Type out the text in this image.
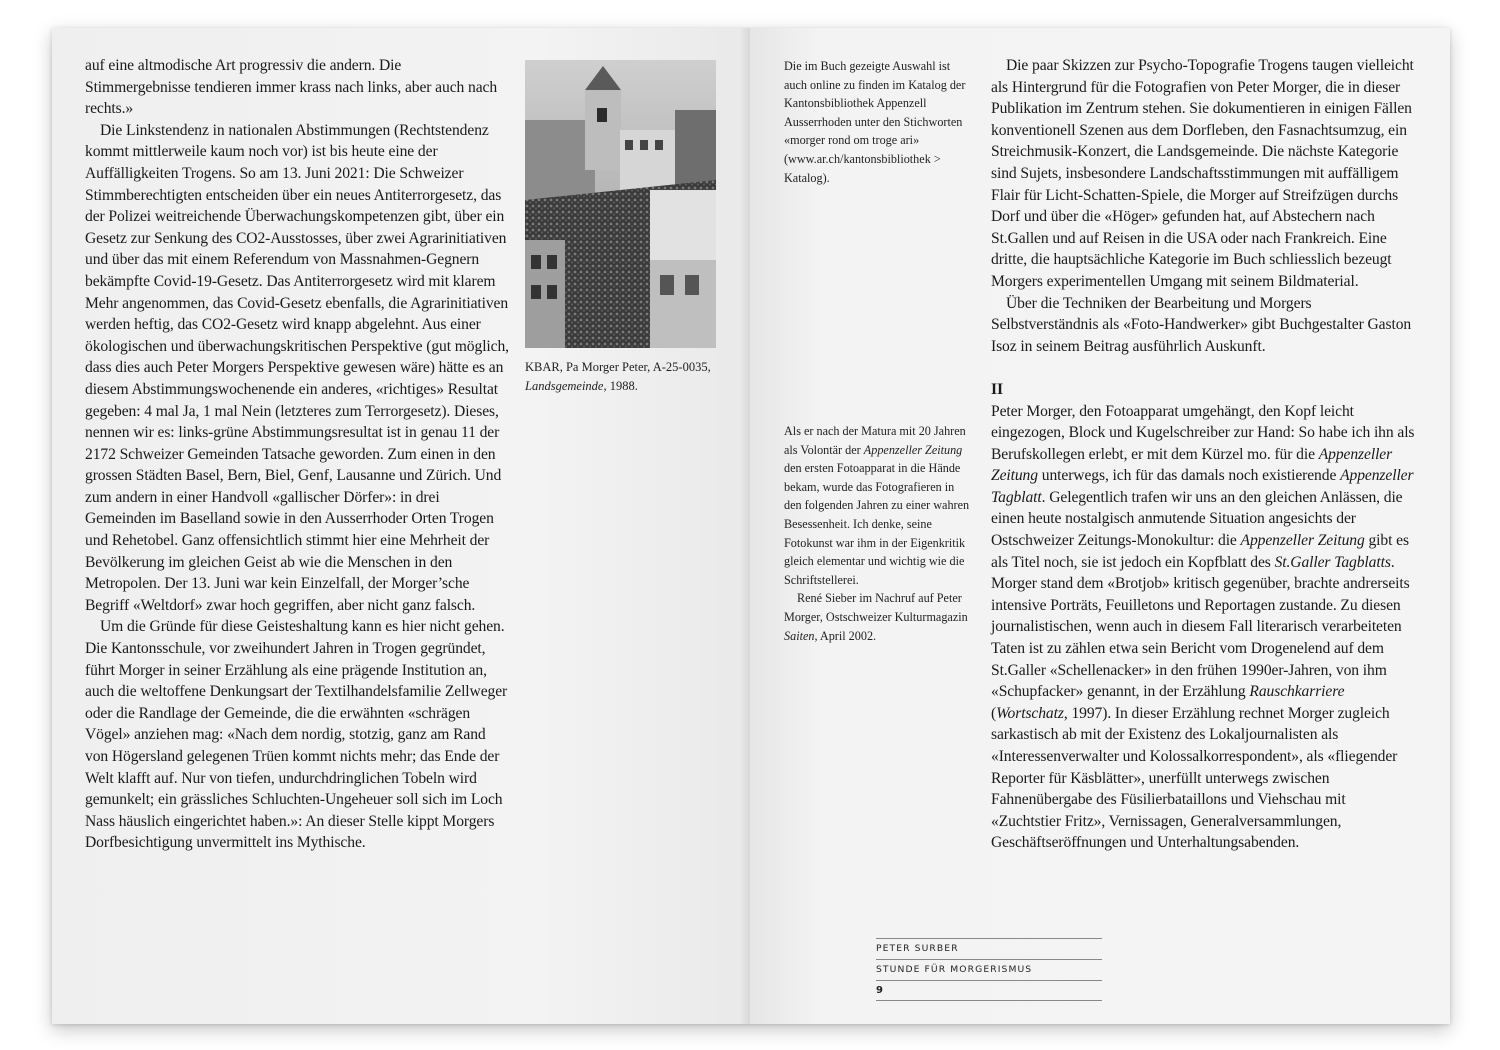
auf eine altmodische Art progressiv die andern. Die Stimmergebnisse tendieren immer krass nach links, aber auch nach rechts.»

Die Linkstendenz in nationalen Abstimmungen (Rechtstendenz kommt mittlerweile kaum noch vor) ist bis heute eine der Auffälligkeiten Trogens. So am 13. Juni 2021: Die Schweizer Stimmberechtigten entscheiden über ein neues Antiterrorgesetz, das der Polizei weitreichende Überwachungskompetenzen gibt, über ein Gesetz zur Senkung des CO2-Ausstosses, über zwei Agrarinitiativen und über das mit einem Referendum von Massnahmen-Gegnern bekämpfte Covid-19-Gesetz. Das Antiterrorgesetz wird mit klarem Mehr angenommen, das Covid-Gesetz ebenfalls, die Agrarinitiativen werden heftig, das CO2-Gesetz wird knapp abgelehnt. Aus einer ökologischen und überwachungskritischen Perspektive (gut möglich, dass dies auch Peter Morgers Perspektive gewesen wäre) hätte es an diesem Abstimmungswochenende ein anderes, «richtiges» Resultat gegeben: 4 mal Ja, 1 mal Nein (letzteres zum Terrorgesetz). Dieses, nennen wir es: links-grüne Abstimmungsresultat ist in genau 11 der 2172 Schweizer Gemeinden Tatsache geworden. Zum einen in den grossen Städten Basel, Bern, Biel, Genf, Lausanne und Zürich. Und zum andern in einer Handvoll «gallischer Dörfer»: in drei Gemeinden im Baselland sowie in den Ausserrhoder Orten Trogen und Rehetobel. Ganz offensichtlich stimmt hier eine Mehrheit der Bevölkerung im gleichen Geist ab wie die Menschen in den Metropolen. Der 13. Juni war kein Einzelfall, der Morger’sche Begriff «Weltdorf» zwar hoch gegriffen, aber nicht ganz falsch.

Um die Gründe für diese Geisteshaltung kann es hier nicht gehen. Die Kantonsschule, vor zweihundert Jahren in Trogen gegründet, führt Morger in seiner Erzählung als eine prägende Institution an, auch die weltoffene Denkungsart der Textilhandelsfamilie Zellweger oder die Randlage der Gemeinde, die die erwähnten «schrägen Vögel» anziehen mag: «Nach dem nordig, stotzig, ganz am Rand von Högersland gelegenen Trüen kommt nichts mehr; das Ende der Welt klafft auf. Nur von tiefen, undurchdringlichen Tobeln wird gemunkelt; ein grässliches Schluchten-Ungeheuer soll sich im Loch Nass häuslich eingerichtet haben.»: An dieser Stelle kippt Morgers Dorfbesichtigung unvermittelt ins Mythische.

KBAR, Pa Morger Peter, A-25-0035,
Landsgemeinde, 1988.

Die im Buch gezeigte Auswahl ist auch online zu finden im Katalog der Kantonsbibliothek Appenzell Ausserrhoden unter den Stichworten «morger rond om troge ari» (www.ar.ch/kantonsbibliothek > Katalog).

Als er nach der Matura mit 20 Jahren als Volontär der Appenzeller Zeitung den ersten Fotoapparat in die Hände bekam, wurde das Fotografieren in den folgenden Jahren zu einer wahren Besessenheit. Ich denke, seine Fotokunst war ihm in der Eigenkritik gleich elementar und wichtig wie die Schriftstellerei.

René Sieber im Nachruf auf Peter Morger, Ostschweizer Kulturmagazin Saiten, April 2002.

Die paar Skizzen zur Psycho-Topografie Trogens taugen vielleicht als Hintergrund für die Fotografien von Peter Morger, die in dieser Publikation im Zentrum stehen. Sie dokumentieren in einigen Fällen konventionell Szenen aus dem Dorfleben, den Fasnachtsumzug, ein Streichmusik-Konzert, die Landsgemeinde. Die nächste Kategorie sind Sujets, insbesondere Landschaftsstimmungen mit auffälligem Flair für Licht-Schatten-Spiele, die Morger auf Streifzügen durchs Dorf und über die «Höger» gefunden hat, auf Abstechern nach St.Gallen und auf Reisen in die USA oder nach Frankreich. Eine dritte, die hauptsächliche Kategorie im Buch schliesslich bezeugt Morgers experimentellen Umgang mit seinem Bildmaterial.

Über die Techniken der Bearbeitung und Morgers Selbstverständnis als «Foto-Handwerker» gibt Buchgestalter Gaston Isoz in seinem Beitrag ausführlich Auskunft.

II

Peter Morger, den Fotoapparat umgehängt, den Kopf leicht eingezogen, Block und Kugelschreiber zur Hand: So habe ich ihn als Berufskollegen erlebt, er mit dem Kürzel mo. für die Appenzeller Zeitung unterwegs, ich für das damals noch existierende Appenzeller Tagblatt. Gelegentlich trafen wir uns an den gleichen Anlässen, die einen heute nostalgisch anmutende Situation angesichts der Ostschweizer Zeitungs-Monokultur: die Appenzeller Zeitung gibt es als Titel noch, sie ist jedoch ein Kopfblatt des St.Galler Tagblatts. Morger stand dem «Brotjob» kritisch gegenüber, brachte andrerseits intensive Porträts, Feuilletons und Reportagen zustande. Zu diesen journalistischen, wenn auch in diesem Fall literarisch verarbeiteten Taten ist zu zählen etwa sein Bericht vom Drogenelend auf dem St.Galler «Schellenacker» in den frühen 1990er-Jahren, von ihm «Schupfacker» genannt, in der Erzählung Rauschkarriere (Wortschatz, 1997). In dieser Erzählung rechnet Morger zugleich sarkastisch ab mit der Existenz des Lokaljournalisten als «Interessenverwalter und Kolossalkorrespondent», als «fliegender Reporter für Käsblätter», unerfüllt unterwegs zwischen Fahnenübergabe des Füsilierbataillons und Viehschau mit «Zuchtstier Fritz», Vernissagen, Generalversammlungen, Geschäftseröffnungen und Unterhaltungsabenden.

PETER SURBER
STUNDE FÜR MORGERISMUS
9
